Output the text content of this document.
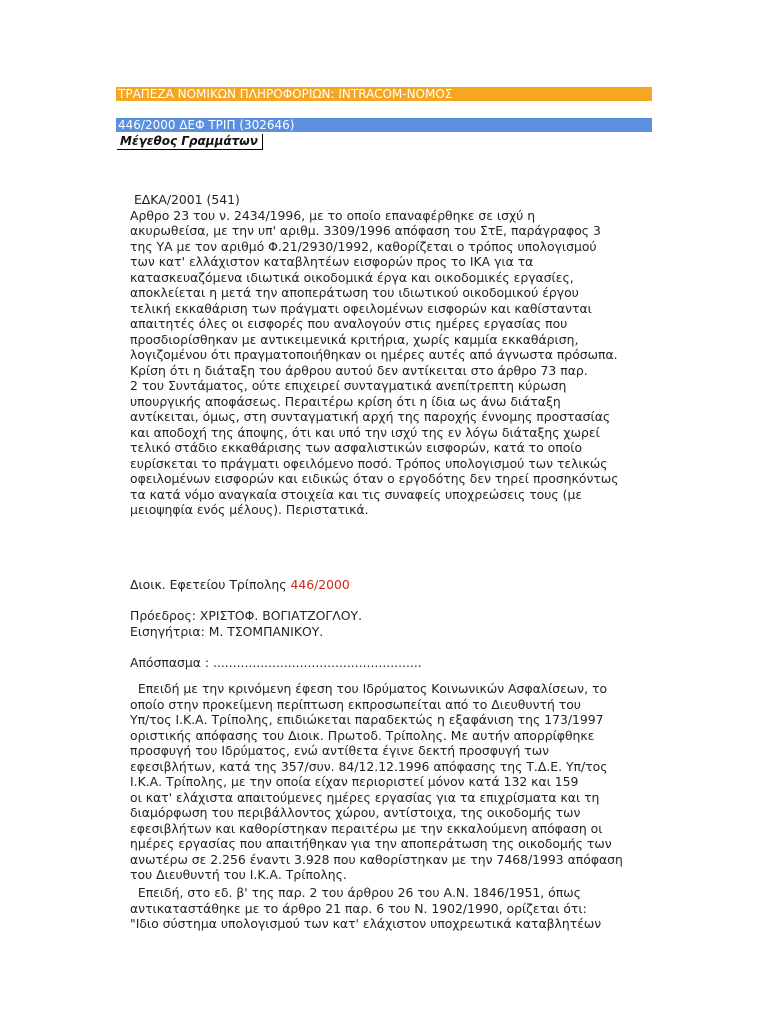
ΤΡΑΠΕΖΑ ΝΟΜΙΚΩΝ ΠΛΗΡΟΦΟΡΙΩΝ: INTRACOM-ΝΟΜΟΣ
446/2000 ΔΕΦ ΤΡΙΠ (302646)
Μέγεθος Γραμμάτων
ΕΔΚΑ/2001 (541)
Αρθρο 23 του ν. 2434/1996, με το οποίο επαναφέρθηκε σε ισχύ η
ακυρωθείσα, με την υπ' αριθμ. 3309/1996 απόφαση του ΣτΕ, παράγραφος 3
της ΥΑ με τον αριθμό Φ.21/2930/1992, καθορίζεται ο τρόπος υπολογισμού
των κατ' ελλάχιστον καταβλητέων εισφορών προς το ΙΚΑ για τα
κατασκευαζόμενα ιδιωτικά οικοδομικά έργα και οικοδομικές εργασίες,
αποκλείεται η μετά την αποπεράτωση του ιδιωτικού οικοδομικού έργου
τελική εκκαθάριση των πράγματι οφειλομένων εισφορών και καθίστανται
απαιτητές όλες οι εισφορές που αναλογούν στις ημέρες εργασίας που
προσδιορίσθηκαν με αντικειμενικά κριτήρια, χωρίς καμμία εκκαθάριση,
λογιζομένου ότι πραγματοποιήθηκαν οι ημέρες αυτές από άγνωστα πρόσωπα.
Κρίση ότι η διάταξη του άρθρου αυτού δεν αντίκειται στο άρθρο 73 παρ.
2 του Συντάματος, ούτε επιχειρεί συνταγματικά ανεπίτρεπτη κύρωση
υπουργικής αποφάσεως. Περαιτέρω κρίση ότι η ίδια ως άνω διάταξη
αντίκειται, όμως, στη συνταγματική αρχή της παροχής έννομης προστασίας
και αποδοχή της άποψης, ότι και υπό την ισχύ της εν λόγω διάταξης χωρεί
τελικό στάδιο εκκαθάρισης των ασφαλιστικών εισφορών, κατά το οποίο
ευρίσκεται το πράγματι οφειλόμενο ποσό. Τρόπος υπολογισμού των τελικώς
οφειλομένων εισφορών και ειδικώς όταν ο εργοδότης δεν τηρεί προσηκόντως
τα κατά νόμο αναγκαία στοιχεία και τις συναφείς υποχρεώσεις τους (με
μειοψηφία ενός μέλους). Περιστατικά.
Διοικ. Εφετείου Τρίπολης 446/2000
Πρόεδρος: ΧΡΙΣΤΟΦ. ΒΟΓΙΑΤΖΟΓΛΟΥ.
Εισηγήτρια: Μ. ΤΣΟΜΠΑΝΙΚΟΥ.
Απόσπασμα : .....................................................
Επειδή με την κρινόμενη έφεση του Ιδρύματος Κοινωνικών Ασφαλίσεων, το
οποίο στην προκείμενη περίπτωση εκπροσωπείται από το Διευθυντή του
Υπ/τος Ι.Κ.Α. Τρίπολης, επιδιώκεται παραδεκτώς η εξαφάνιση της 173/1997
οριστικής απόφασης του Διοικ. Πρωτοδ. Τρίπολης. Με αυτήν απορρίφθηκε
προσφυγή του Ιδρύματος, ενώ αντίθετα έγινε δεκτή προσφυγή των
εφεσιβλήτων, κατά της 357/συν. 84/12.12.1996 απόφασης της Τ.Δ.Ε. Υπ/τος
Ι.Κ.Α. Τρίπολης, με την οποία είχαν περιοριστεί μόνον κατά 132 και 159
οι κατ' ελάχιστα απαιτούμενες ημέρες εργασίας για τα επιχρίσματα και τη
διαμόρφωση του περιβάλλοντος χώρου, αντίστοιχα, της οικοδομής των
εφεσιβλήτων και καθορίστηκαν περαιτέρω με την εκκαλούμενη απόφαση οι
ημέρες εργασίας που απαιτήθηκαν για την αποπεράτωση της οικοδομής των
ανωτέρω σε 2.256 έναντι 3.928 που καθορίστηκαν με την 7468/1993 απόφαση
του Διευθυντή του Ι.Κ.Α. Τρίπολης.
Επειδή, στο εδ. β' της παρ. 2 του άρθρου 26 του Α.Ν. 1846/1951, όπως
αντικαταστάθηκε με το άρθρο 21 παρ. 6 του Ν. 1902/1990, ορίζεται ότι:
"Ιδιο σύστημα υπολογισμού των κατ' ελάχιστον υποχρεωτικά καταβλητέων
